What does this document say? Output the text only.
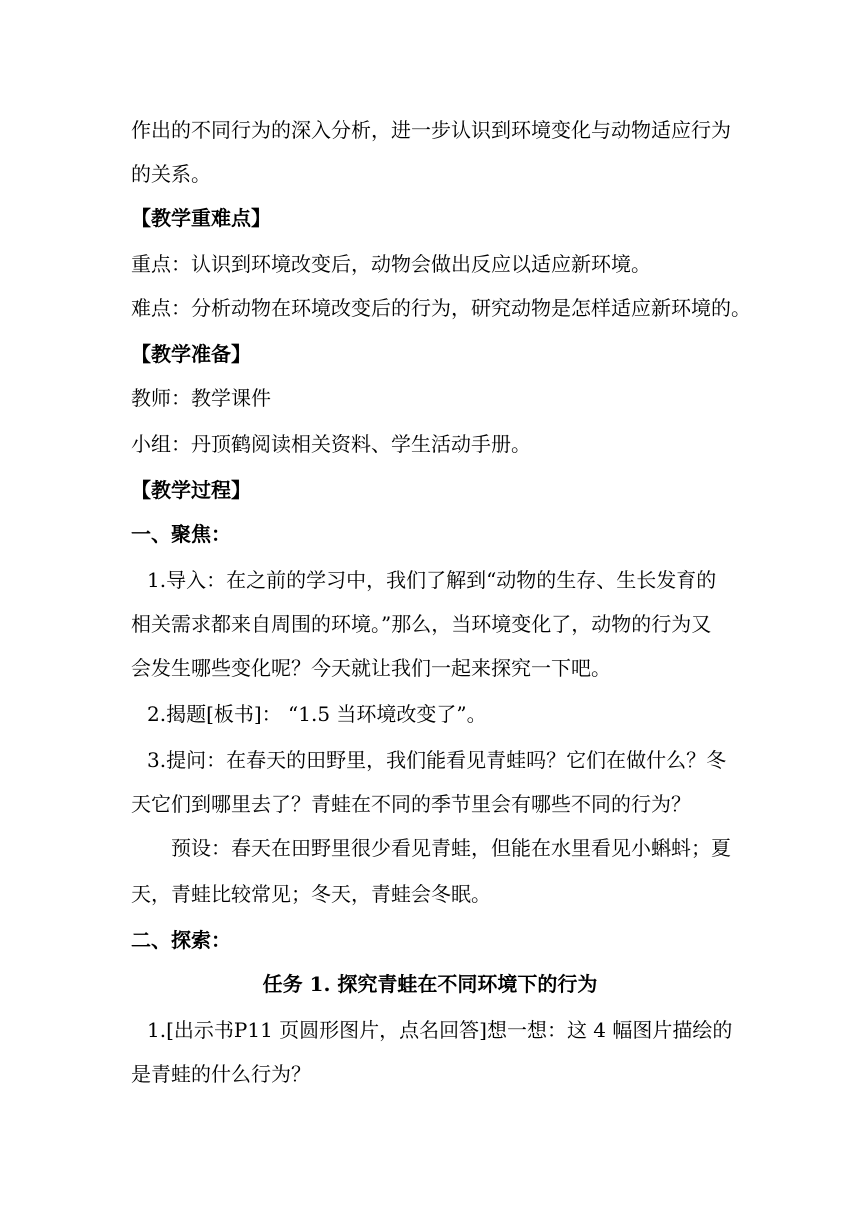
作出的不同行为的深入分析，进一步认识到环境变化与动物适应行为
的关系。
【教学重难点】
重点：认识到环境改变后，动物会做出反应以适应新环境。
难点：分析动物在环境改变后的行为，研究动物是怎样适应新环境的。
【教学准备】
教师：教学课件
小组：丹顶鹤阅读相关资料、学生活动手册。
【教学过程】
一、聚焦：
1.导入：在之前的学习中，我们了解到“动物的生存、生长发育的
相关需求都来自周围的环境。”那么，当环境变化了，动物的行为又
会发生哪些变化呢？今天就让我们一起来探究一下吧。
2.揭题[板书]： “1.5 当环境改变了”。
3.提问：在春天的田野里，我们能看见青蛙吗？它们在做什么？冬
天它们到哪里去了？青蛙在不同的季节里会有哪些不同的行为？
预设：春天在田野里很少看见青蛙，但能在水里看见小蝌蚪；夏
天，青蛙比较常见；冬天，青蛙会冬眠。
二、探索：
任务 1. 探究青蛙在不同环境下的行为
1.[出示书P11 页圆形图片，点名回答]想一想：这 4 幅图片描绘的
是青蛙的什么行为？
